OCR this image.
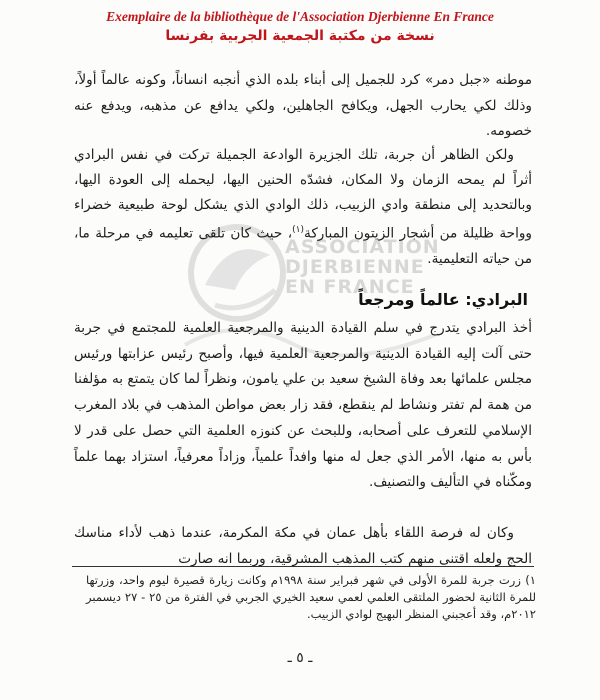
Exemplaire de la bibliothèque de l'Association Djerbienne En France
نسخة من مكتبة الجمعية الجربية بفرنسا
ASSOCIATION
DJERBIENNE
EN FRANCE
موطنه «جبل دمر» كرد للجميل إلى أبناء بلده الذي أنجبه انساناً، وكونه عالماً أولاً، وذلك لكي يحارب الجهل، ويكافح الجاهلين، ولكي يدافع عن مذهبه، ويدفع عنه خصومه.
ولكن الظاهر أن جربة، تلك الجزيرة الوادعة الجميلة تركت في نفس البرادي أثراً لم يمحه الزمان ولا المكان، فشدّه الحنين اليها، ليحمله إلى العودة اليها، وبالتحديد إلى منطقة وادي الزبيب، ذلك الوادي الذي يشكل لوحة طبيعية خضراء وواحة ظليلة من أشجار الزيتون المباركة$^{(١)}$، حيث كان تلقى تعليمه في مرحلة ما، من حياته التعليمية.
البرادي: عالماً ومرجعاً
أخذ البرادي يتدرج في سلم القيادة الدينية والمرجعية العلمية للمجتمع في جربة حتى آلت إليه القيادة الدينية والمرجعية العلمية فيها، وأصبح رئيس عزابتها ورئيس مجلس علمائها بعد وفاة الشيخ سعيد بن علي يامون، ونظراً لما كان يتمتع به مؤلفنا من همة لم تفتر ونشاط لم ينقطع، فقد زار بعض مواطن المذهب في بلاد المغرب الإسلامي للتعرف على أصحابه، وللبحث عن كنوزه العلمية التي حصل على قدر لا بأس به منها، الأمر الذي جعل له منها وافداً علمياً، وزاداً معرفياً، استزاد بهما علماً ومكّناه في التأليف والتصنيف.
وكان له فرصة اللقاء بأهل عمان في مكة المكرمة، عندما ذهب لأداء مناسك الحج ولعله اقتنى منهم كتب المذهب المشرقية، وربما انه صارت
١) زرت جربة للمرة الأولى في شهر فبراير سنة ١٩٩٨م وكانت زيارة قصيرة ليوم واحد، وزرتها للمرة الثانية لحضور الملتقى العلمي لعمي سعيد الخيري الجربي في الفترة من ٢٥ - ٢٧ ديسمبر ٢٠١٢م، وقد أعجبني المنظر البهيج لوادي الزبيب.
ـ ٥ ـ
